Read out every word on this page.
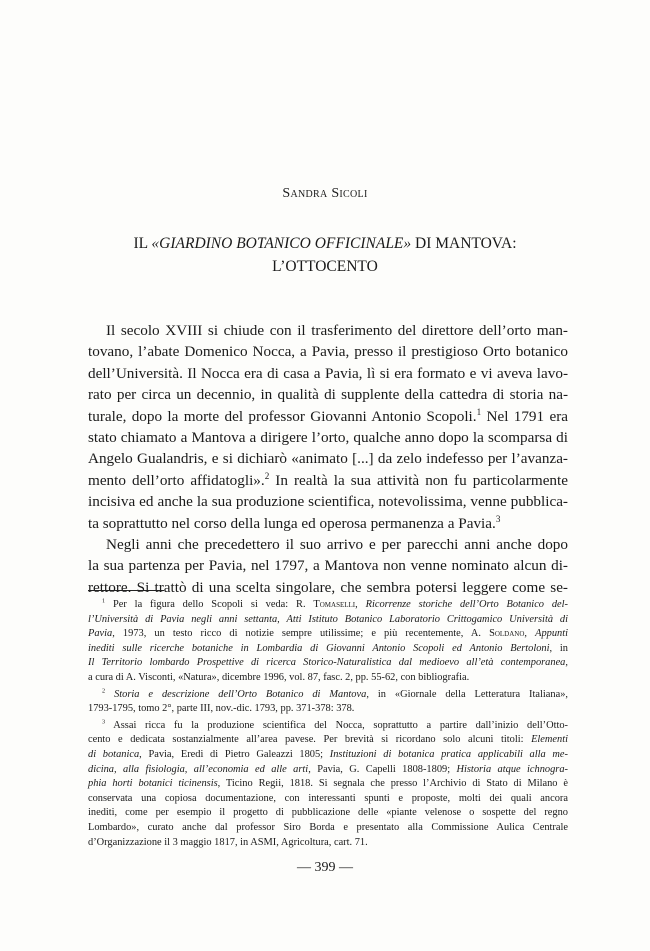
Sandra Sicoli
IL «GIARDINO BOTANICO OFFICINALE» DI MANTOVA:
L’OTTOCENTO
Il secolo XVIII si chiude con il trasferimento del direttore dell’orto man-
tovano, l’abate Domenico Nocca, a Pavia, presso il prestigioso Orto botanico
dell’Università. Il Nocca era di casa a Pavia, lì si era formato e vi aveva lavo-
rato per circa un decennio, in qualità di supplente della cattedra di storia na-
turale, dopo la morte del professor Giovanni Antonio Scopoli.$^1$ Nel 1791 era
stato chiamato a Mantova a dirigere l’orto, qualche anno dopo la scomparsa di
Angelo Gualandris, e si dichiarò «animato [...] da zelo indefesso per l’avanza-
mento dell’orto affidatogli».$^2$ In realtà la sua attività non fu particolarmente
incisiva ed anche la sua produzione scientifica, notevolissima, venne pubblica-
ta soprattutto nel corso della lunga ed operosa permanenza a Pavia.$^3$
Negli anni che precedettero il suo arrivo e per parecchi anni anche dopo
la sua partenza per Pavia, nel 1797, a Mantova non venne nominato alcun di-
rettore. Si trattò di una scelta singolare, che sembra potersi leggere come se-
$^1$ Per la figura dello Scopoli si veda: R. Tomaselli, Ricorrenze storiche dell’Orto Botanico del-
l’Università di Pavia negli anni settanta, Atti Istituto Botanico Laboratorio Crittogamico Università di
Pavia, 1973, un testo ricco di notizie sempre utilissime; e più recentemente, A. Soldano, Appunti
inediti sulle ricerche botaniche in Lombardia di Giovanni Antonio Scopoli ed Antonio Bertoloni, in
Il Territorio lombardo Prospettive di ricerca Storico-Naturalistica dal medioevo all’età contemporanea,
a cura di A. Visconti, «Natura», dicembre 1996, vol. 87, fasc. 2, pp. 55-62, con bibliografia.
$^2$ Storia e descrizione dell’Orto Botanico di Mantova, in «Giornale della Letteratura Italiana»,
1793-1795, tomo 2°, parte III, nov.-dic. 1793, pp. 371-378: 378.
$^3$ Assai ricca fu la produzione scientifica del Nocca, soprattutto a partire dall’inizio dell’Otto-
cento e dedicata sostanzialmente all’area pavese. Per brevità si ricordano solo alcuni titoli: Elementi
di botanica, Pavia, Eredi di Pietro Galeazzi 1805; Instituzioni di botanica pratica applicabili alla me-
dicina, alla fisiologia, all’economia ed alle arti, Pavia, G. Capelli 1808-1809; Historia atque ichnogra-
phia horti botanici ticinensis, Ticino Regii, 1818. Si segnala che presso l’Archivio di Stato di Milano è
conservata una copiosa documentazione, con interessanti spunti e proposte, molti dei quali ancora
inediti, come per esempio il progetto di pubblicazione delle «piante velenose o sospette del regno
Lombardo», curato anche dal professor Siro Borda e presentato alla Commissione Aulica Centrale
d’Organizzazione il 3 maggio 1817, in ASMI, Agricoltura, cart. 71.
— 399 —
